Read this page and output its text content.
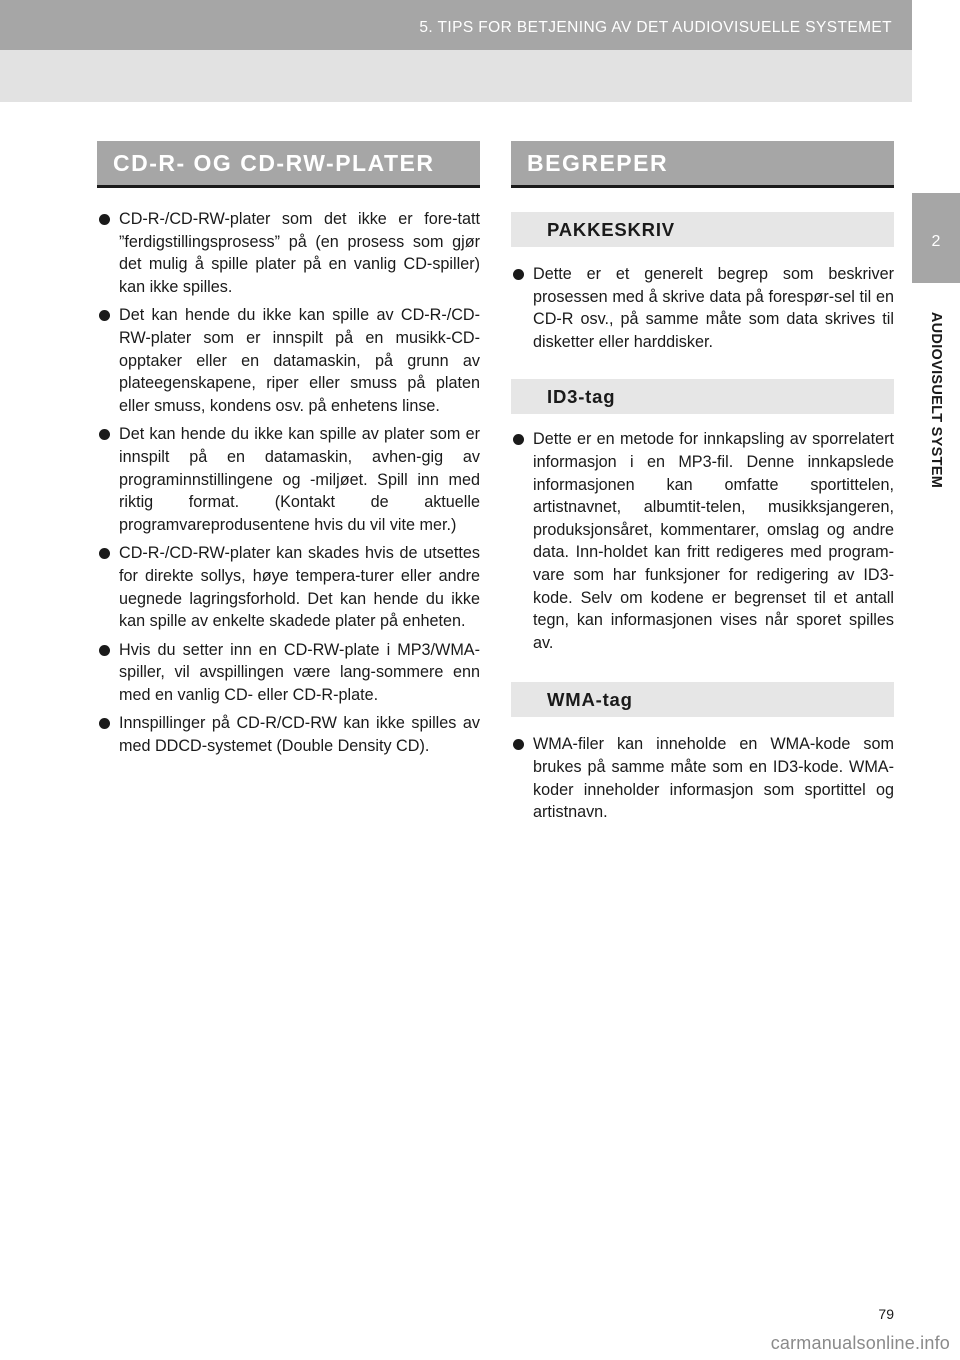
5. TIPS FOR BETJENING AV DET AUDIOVISUELLE SYSTEMET
2
AUDIOVISUELT SYSTEM
CD-R- OG CD-RW-PLATER
CD-R-/CD-RW-plater som det ikke er fore-tatt ”ferdigstillingsprosess” på (en prosess som gjør det mulig å spille plater på en vanlig CD-spiller) kan ikke spilles.
Det kan hende du ikke kan spille av CD-R-/CD-RW-plater som er innspilt på en musikk-CD-opptaker eller en datamaskin, på grunn av plateegenskapene, riper eller smuss på platen eller smuss, kondens osv. på enhetens linse.
Det kan hende du ikke kan spille av plater som er innspilt på en datamaskin, avhen-gig av programinnstillingene og -miljøet. Spill inn med riktig format. (Kontakt de aktuelle programvareprodusentene hvis du vil vite mer.)
CD-R-/CD-RW-plater kan skades hvis de utsettes for direkte sollys, høye tempera-turer eller andre uegnede lagringsforhold. Det kan hende du ikke kan spille av enkelte skadede plater på enheten.
Hvis du setter inn en CD-RW-plate i MP3/WMA-spiller, vil avspillingen være lang-sommere enn med en vanlig CD- eller CD-R-plate.
Innspillinger på CD-R/CD-RW kan ikke spilles av med DDCD-systemet (Double Density CD).
BEGREPER
PAKKESKRIV
Dette er et generelt begrep som beskriver prosessen med å skrive data på forespør-sel til en CD-R osv., på samme måte som data skrives til disketter eller harddisker.
ID3-tag
Dette er en metode for innkapsling av sporrelatert informasjon i en MP3-fil. Denne innkapslede informasjonen kan omfatte sportittelen, artistnavnet, albumtit-telen, musikksjangeren, produksjonsåret, kommentarer, omslag og andre data. Inn-holdet kan fritt redigeres med program-vare som har funksjoner for redigering av ID3-kode. Selv om kodene er begrenset til et antall tegn, kan informasjonen vises når sporet spilles av.
WMA-tag
WMA-filer kan inneholde en WMA-kode som brukes på samme måte som en ID3-kode. WMA-koder inneholder informasjon som sportittel og artistnavn.
79
carmanualsonline.info
